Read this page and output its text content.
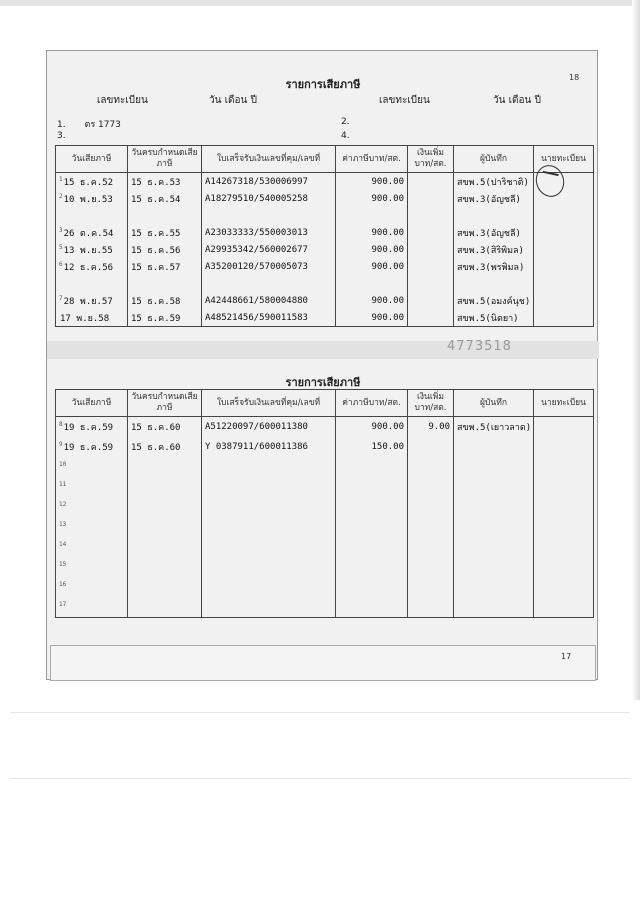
18
รายการเสียภาษี
เลขทะเบียน	วัน เดือน ปี	เลขทะเบียน	วัน เดือน ปี
1. ตร 1773
3.
2.
4.
วันเสียภาษี	วันครบกำหนดเสียภาษี	ใบเสร็จรับเงินเลขที่คุม/เลขที่	ค่าภาษีบาท/สต.	เงินเพิ่มบาท/สต.	ผู้บันทึก	นายทะเบียน
$^1$15 ธ.ค.52	15 ธ.ค.53	A14267318/530006997	900.00		สขพ.5(ปาริชาติ)	
$^2$10 พ.ย.53	15 ธ.ค.54	A18279510/540005258	900.00		สขพ.3(อัญชลี)	

$^3$26 ต.ค.54	15 ธ.ค.55	A23033333/550003013	900.00		สขพ.3(อัญชลี)	
$^5$13 พ.ย.55	15 ธ.ค.56	A29935342/560002677	900.00		สขพ.3(สิริพิมล)	
$^6$12 ธ.ค.56	15 ธ.ค.57	A35200120/570005073	900.00		สขพ.3(พรพิมล)	

$^7$28 พ.ย.57	15 ธ.ค.58	A42448661/580004880	900.00		สขพ.5(อมงค์นุช)	
17 พ.ย.58	15 ธ.ค.59	A48521456/590011583	900.00		สขพ.5(นิตยา)	
4773518
รายการเสียภาษี
วันเสียภาษี	วันครบกำหนดเสียภาษี	ใบเสร็จรับเงินเลขที่คุม/เลขที่	ค่าภาษีบาท/สต.	เงินเพิ่มบาท/สต.	ผู้บันทึก	นายทะเบียน
$^8$19 ธ.ค.59	15 ธ.ค.60	A51220097/600011380	900.00	9.00	สขพ.5(เยาวลาด)	
$^9$19 ธ.ค.59	15 ธ.ค.60	Y 0387911/600011386	150.00			
$^{10}$						
$^{11}$						
$^{12}$						
$^{13}$						
$^{14}$						
$^{15}$						
$^{16}$						
$^{17}$						
17
